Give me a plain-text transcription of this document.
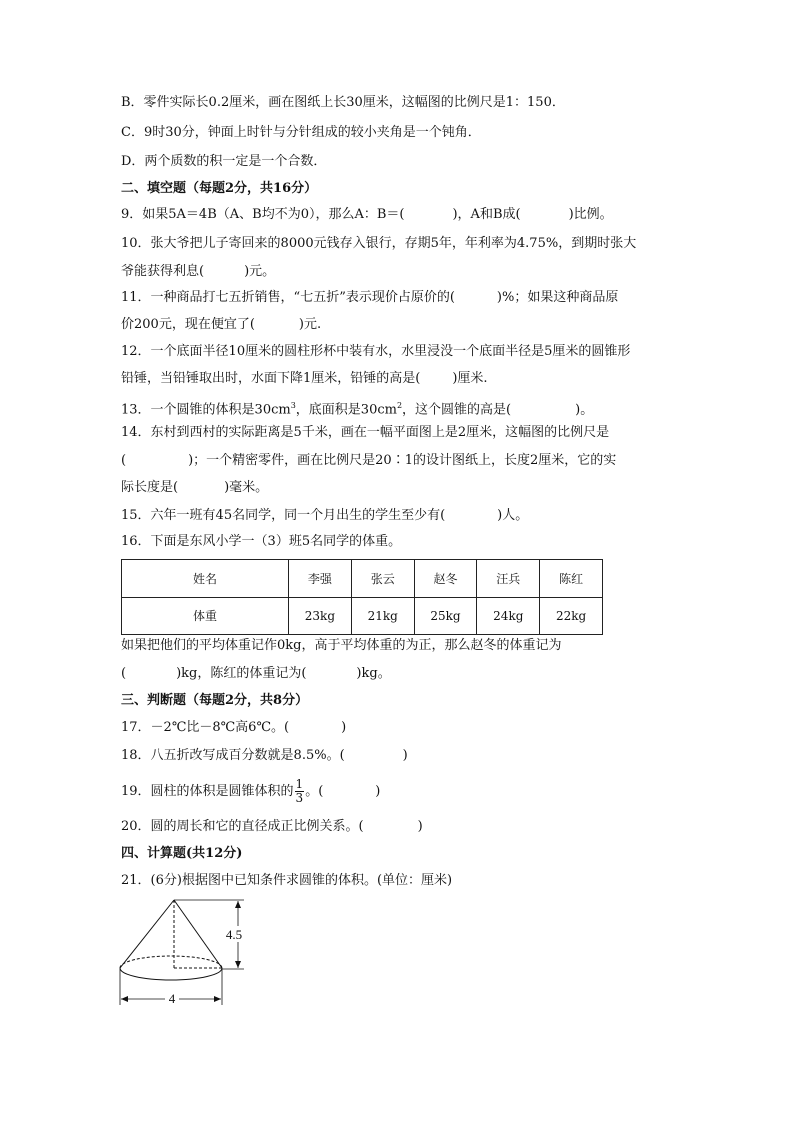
B．零件实际长0.2厘米，画在图纸上长30厘米，这幅图的比例尺是1：150．
C．9时30分，钟面上时针与分针组成的较小夹角是一个钝角．
D．两个质数的积一定是一个合数．
二、填空题（每题2分，共16分）
9．如果5A＝4B（A、B均不为0），那么A：B＝(	)，A和B成(	)比例。
10．张大爷把儿子寄回来的8000元钱存入银行，存期5年，年利率为4.75%，到期时张大
爷能获得利息(	)元。
11．一种商品打七五折销售，“七五折”表示现价占原价的(	)%；如果这种商品原
价200元，现在便宜了(	)元.
12．一个底面半径10厘米的圆柱形杯中装有水，水里浸没一个底面半径是5厘米的圆锥形
铅锤，当铅锤取出时，水面下降1厘米，铅锤的高是( )厘米.
13．一个圆锥的体积是$30cm^3$，底面积是$30cm^2$，这个圆锥的高是(	)。
14．东村到西村的实际距离是5千米，画在一幅平面图上是2厘米，这幅图的比例尺是
(	)；一个精密零件，画在比例尺是20∶1的设计图纸上，长度2厘米，它的实
际长度是(	)毫米。
15．六年一班有45名同学，同一个月出生的学生至少有(	)人。
16．下面是东风小学一（3）班5名同学的体重。
姓名	李强	张云	赵冬	汪兵	陈红
体重	23kg	21kg	25kg	24kg	22kg
如果把他们的平均体重记作0kg，高于平均体重的为正，那么赵冬的体重记为
(	)kg，陈红的体重记为(	)kg。
三、判断题（每题2分，共8分）
17．－2℃比－8℃高6℃。(	)
18．八五折改写成百分数就是8.5%。(	)
19．圆柱的体积是圆锥体积的 $\frac{1}{3}$ 。(	)
20．圆的周长和它的直径成正比例关系。(	)
四、计算题(共12分)
21．(6分)根据图中已知条件求圆锥的体积。(单位：厘米)
4.5
4
